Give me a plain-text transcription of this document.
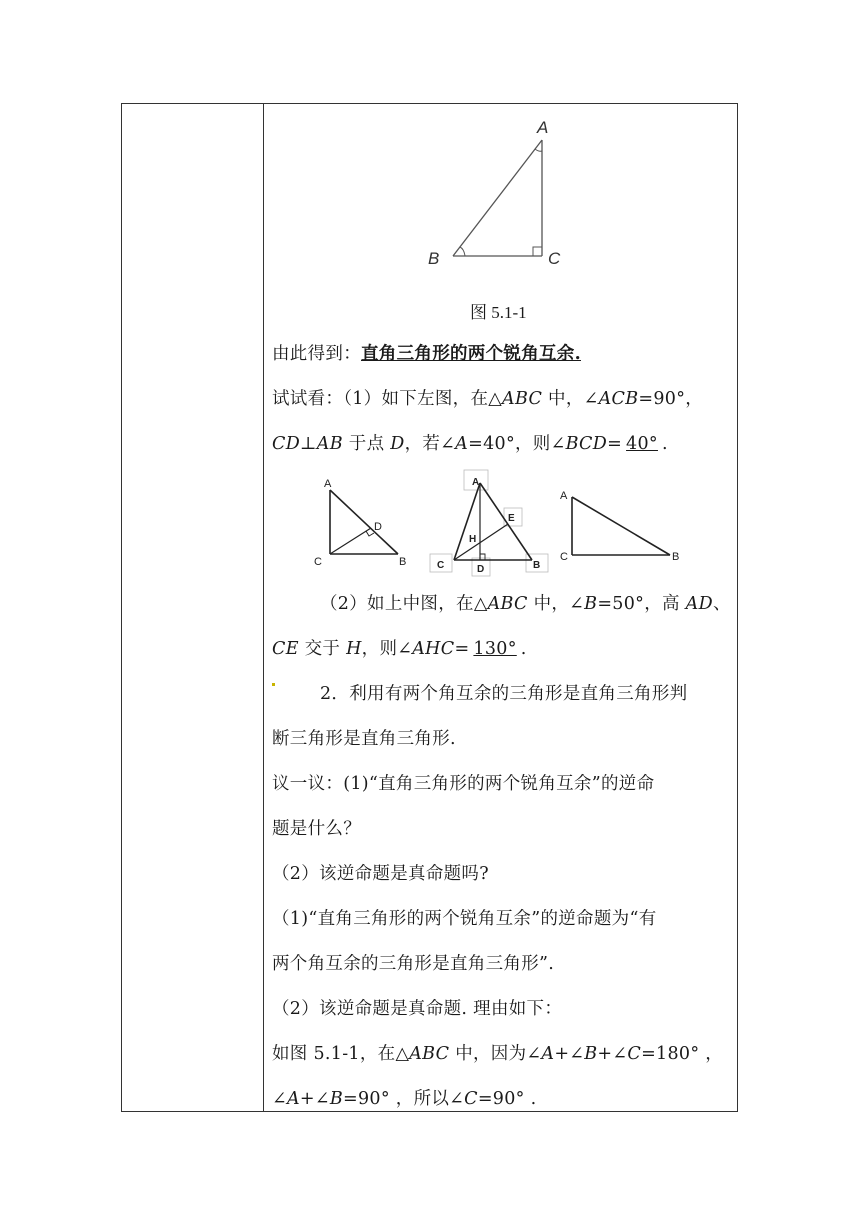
A
B	C
图 5.1-1
由此得到：直角三角形的两个锐角互余.
试试看：（1）如下左图，在△ABC 中，∠ACB=90°，
CD⊥AB 于点 D，若∠A=40°，则∠BCD= 40° .
A
D
C	B
A
E
H
C	D	B
A
C	B
（2）如上中图，在△ABC 中，∠B=50°，高 AD、
CE 交于 H，则∠AHC= 130° .
2．利用有两个角互余的三角形是直角三角形判
断三角形是直角三角形.
议一议：(1)“直角三角形的两个锐角互余”的逆命
题是什么？
（2）该逆命题是真命题吗?
（1)“直角三角形的两个锐角互余”的逆命题为“有
两个角互余的三角形是直角三角形”.
（2）该逆命题是真命题. 理由如下：
如图 5.1-1，在△ABC 中，因为∠A+∠B+∠C=180° ，
∠A+∠B=90° ，所以∠C=90° .
